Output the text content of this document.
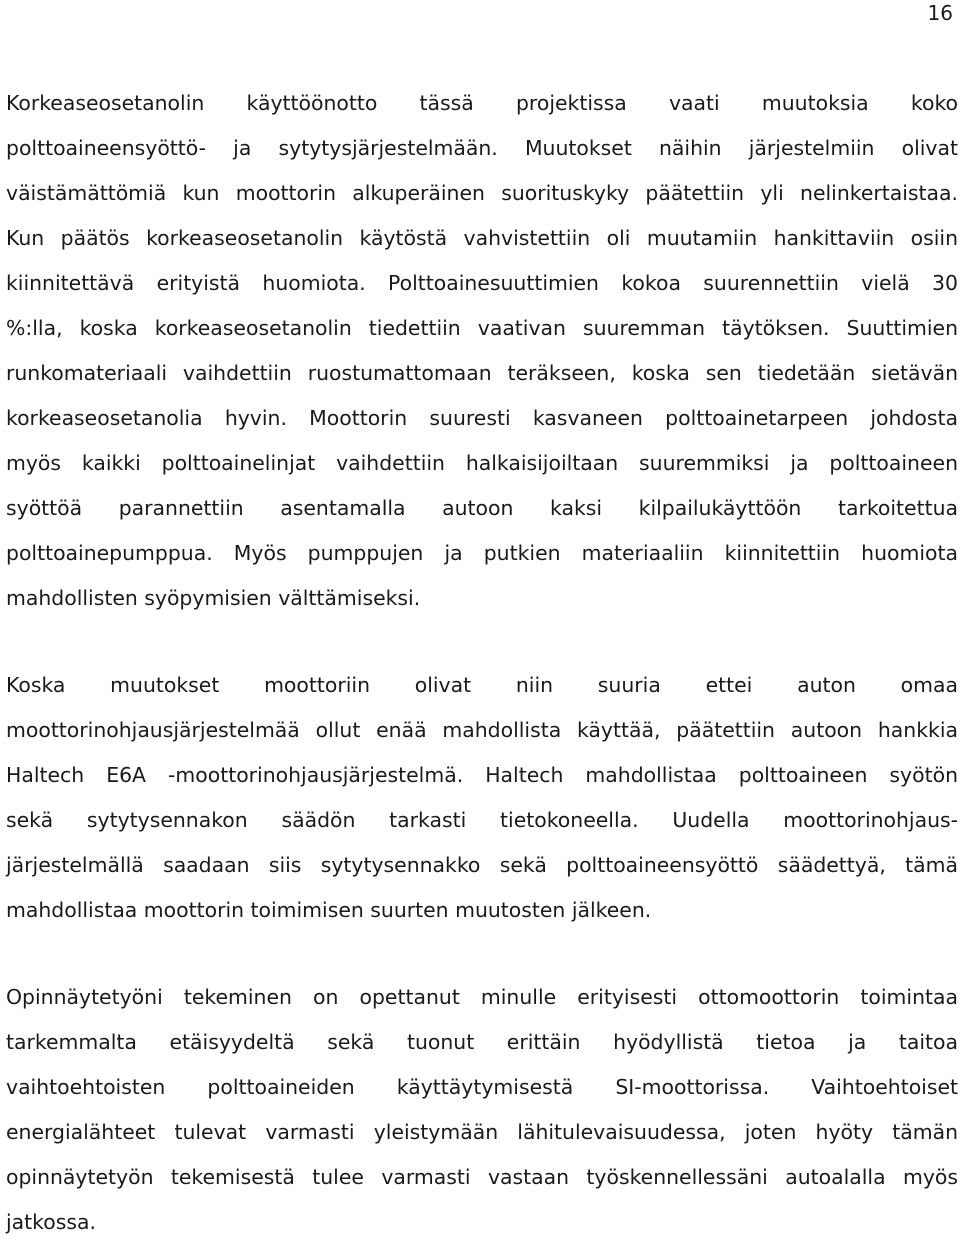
16
Korkeaseosetanolin käyttöönotto tässä projektissa vaati muutoksia koko
polttoaineensyöttö- ja sytytysjärjestelmään. Muutokset näihin järjestelmiin olivat
väistämättömiä kun moottorin alkuperäinen suorituskyky päätettiin yli nelinkertaistaa.
Kun päätös korkeaseosetanolin käytöstä vahvistettiin oli muutamiin hankittaviin osiin
kiinnitettävä erityistä huomiota. Polttoainesuuttimien kokoa suurennettiin vielä 30
%:lla, koska korkeaseosetanolin tiedettiin vaativan suuremman täytöksen. Suuttimien
runkomateriaali vaihdettiin ruostumattomaan teräkseen, koska sen tiedetään sietävän
korkeaseosetanolia hyvin. Moottorin suuresti kasvaneen polttoainetarpeen johdosta
myös kaikki polttoainelinjat vaihdettiin halkaisijoiltaan suuremmiksi ja polttoaineen
syöttöä parannettiin asentamalla autoon kaksi kilpailukäyttöön tarkoitettua
polttoainepumppua. Myös pumppujen ja putkien materiaaliin kiinnitettiin huomiota
mahdollisten syöpymisien välttämiseksi.
Koska muutokset moottoriin olivat niin suuria ettei auton omaa
moottorinohjausjärjestelmää ollut enää mahdollista käyttää, päätettiin autoon hankkia
Haltech E6A -moottorinohjausjärjestelmä. Haltech mahdollistaa polttoaineen syötön
sekä sytytysennakon säädön tarkasti tietokoneella. Uudella moottorinohjaus-
järjestelmällä saadaan siis sytytysennakko sekä polttoaineensyöttö säädettyä, tämä
mahdollistaa moottorin toimimisen suurten muutosten jälkeen.
Opinnäytetyöni tekeminen on opettanut minulle erityisesti ottomoottorin toimintaa
tarkemmalta etäisyydeltä sekä tuonut erittäin hyödyllistä tietoa ja taitoa
vaihtoehtoisten polttoaineiden käyttäytymisestä SI-moottorissa. Vaihtoehtoiset
energialähteet tulevat varmasti yleistymään lähitulevaisuudessa, joten hyöty tämän
opinnäytetyön tekemisestä tulee varmasti vastaan työskennellessäni autoalalla myös
jatkossa.
